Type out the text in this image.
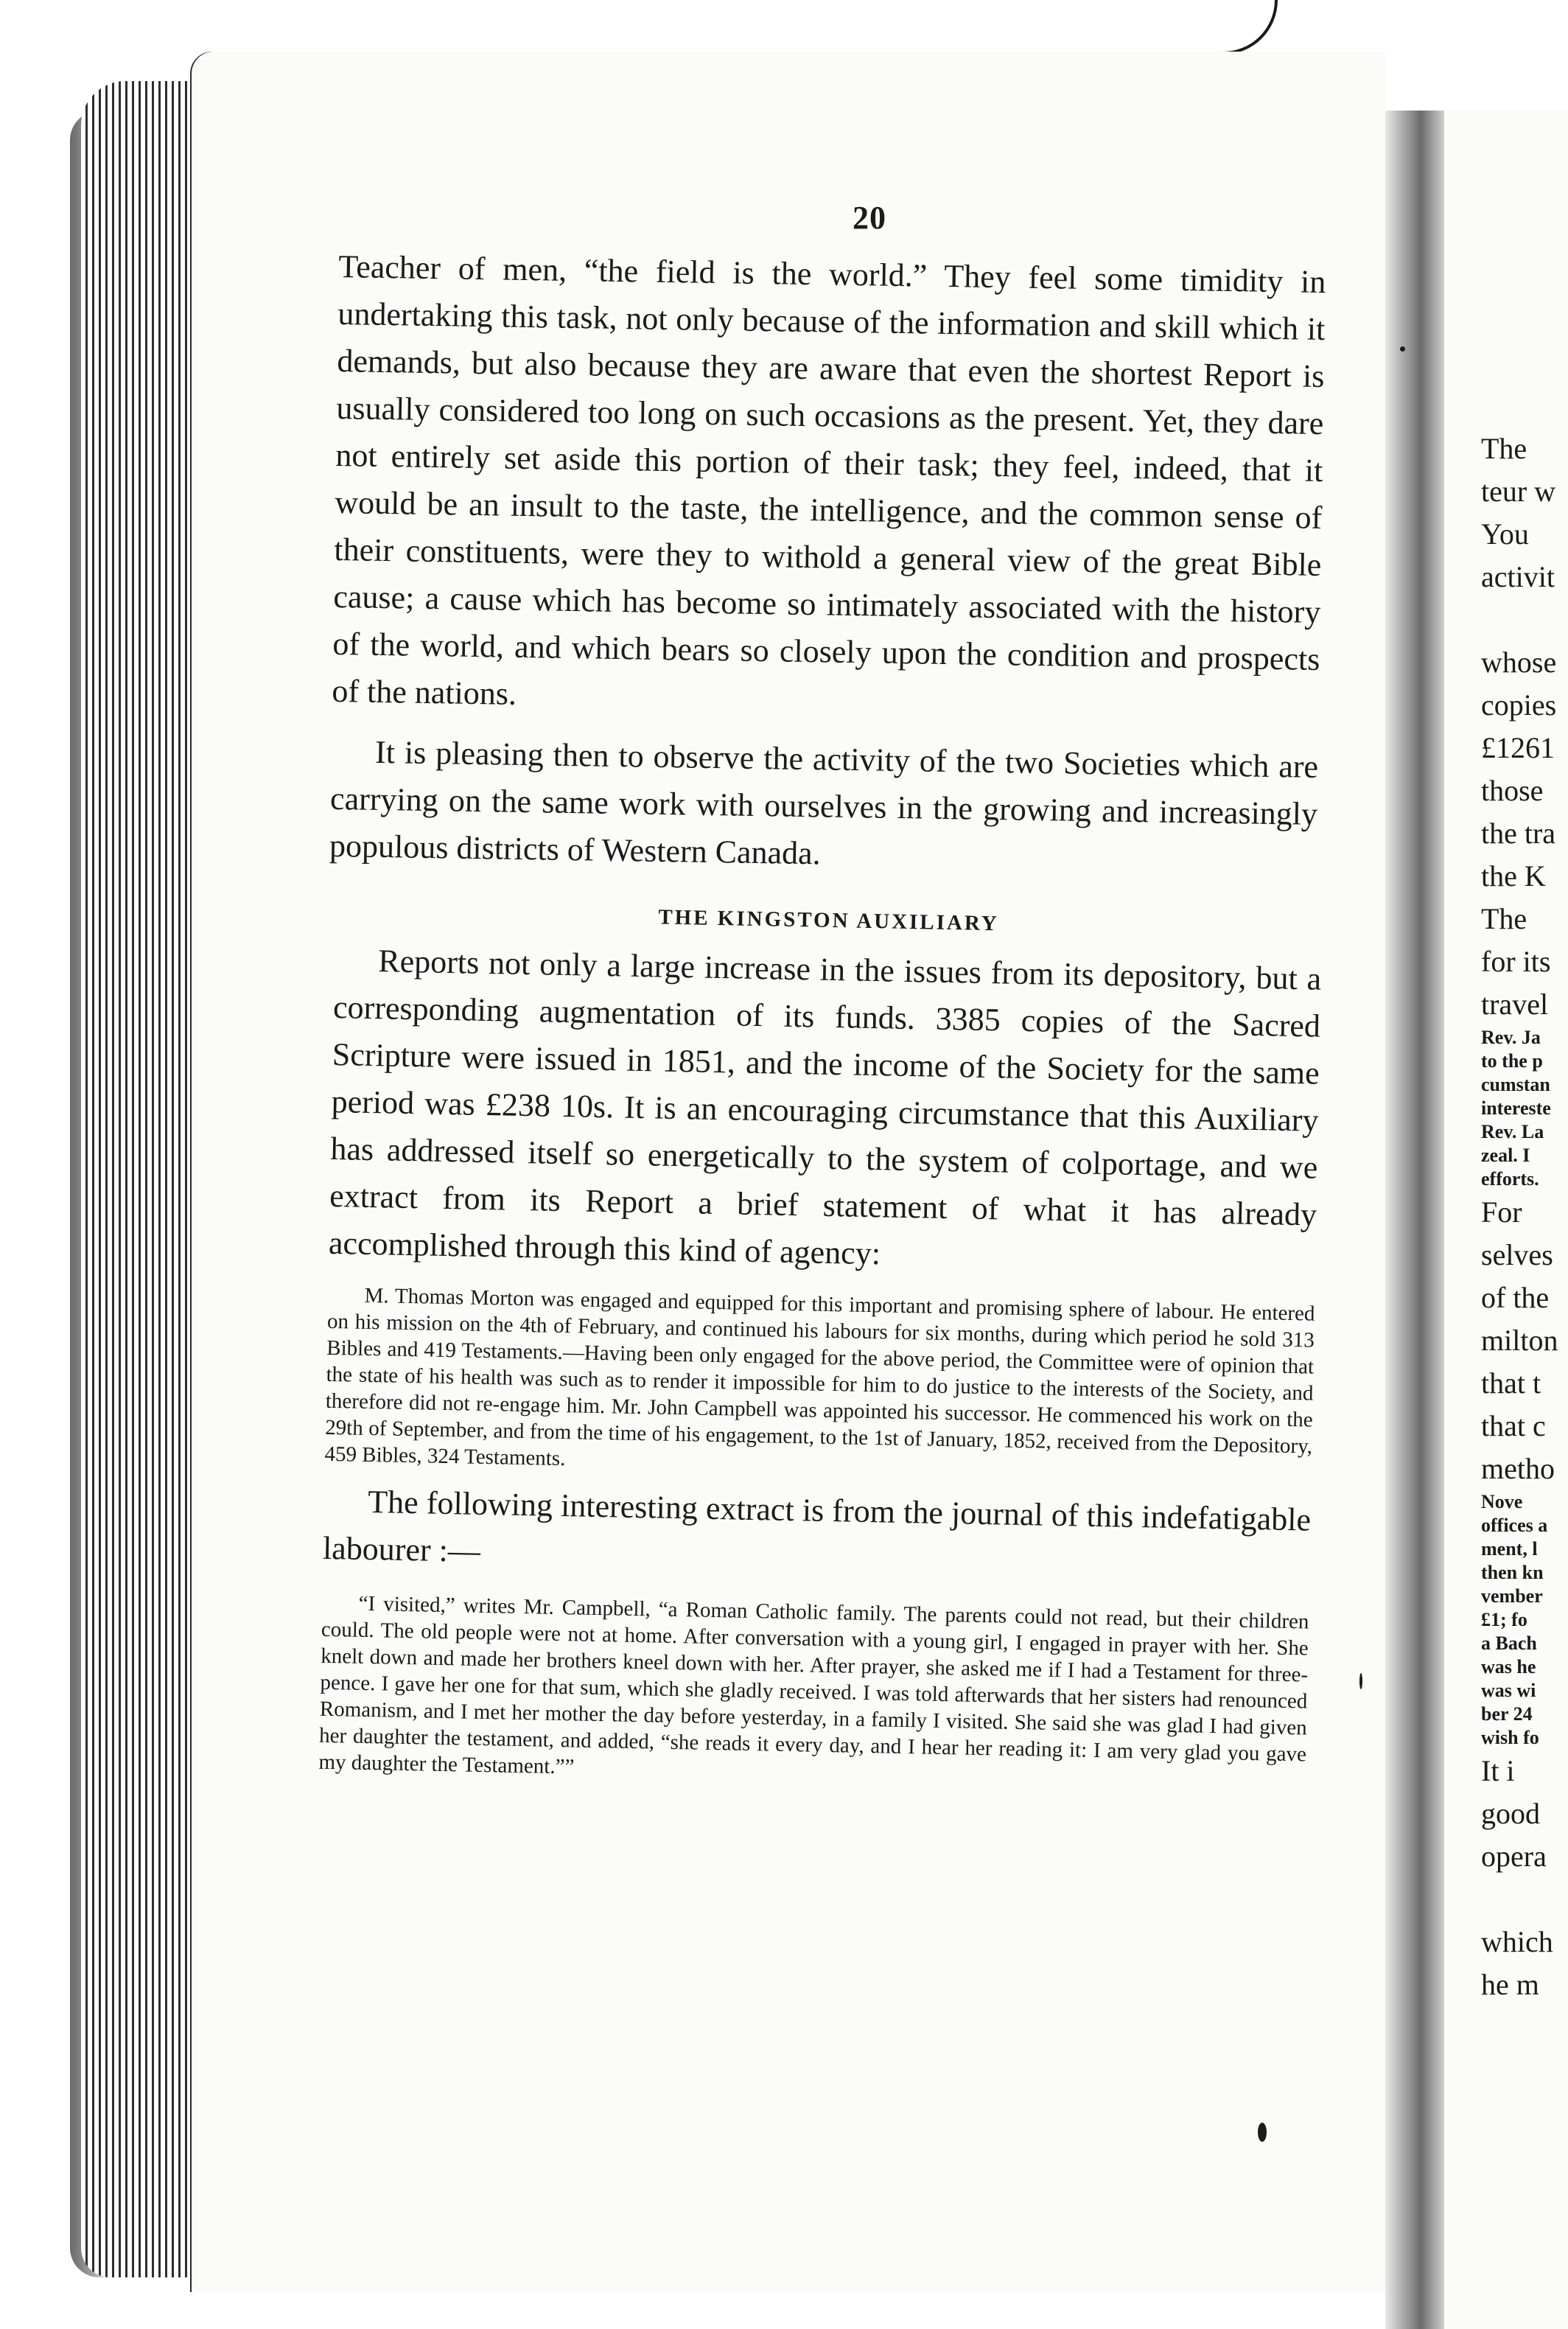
The

teur w

You

activit

whose

copies

£1261

those

the tra

the K

The

for its

travel

Rev. Ja

to the p

cumstan

intereste

Rev. La

zeal. I

efforts.

For

selves

of the

milton

that t

that c

metho

Nove

offices a

ment, l

then kn

vember

£1; fo

a Bach

was he

was wi

ber 24

wish fo

It i

good

opera

which

he m

20

Teacher of men, “the field is the world.” They feel some timidity in undertaking this task, not only because of the information and skill which it demands, but also because they are aware that even the shortest Report is usually considered too long on such occasions as the present. Yet, they dare not entirely set aside this portion of their task; they feel, indeed, that it would be an insult to the taste, the intelligence, and the common sense of their constituents, were they to withold a general view of the great Bible cause; a cause which has become so intimately associated with the history of the world, and which bears so closely upon the condition and prospects of the nations.

It is pleasing then to observe the activity of the two Societies which are carrying on the same work with ourselves in the growing and increasingly populous districts of Western Canada.

THE KINGSTON AUXILIARY

Reports not only a large increase in the issues from its depository, but a corresponding augmentation of its funds. 3385 copies of the Sacred Scripture were issued in 1851, and the income of the Society for the same period was £238 10s. It is an encouraging circumstance that this Auxiliary has addressed itself so energetically to the system of colportage, and we extract from its Report a brief statement of what it has already accomplished through this kind of agency:

M. Thomas Morton was engaged and equipped for this important and promising sphere of labour. He entered on his mission on the 4th of February, and continued his labours for six months, during which period he sold 313 Bibles and 419 Testaments.—Having been only engaged for the above period, the Committee were of opinion that the state of his health was such as to render it impossible for him to do justice to the interests of the Society, and therefore did not re-engage him. Mr. John Campbell was appointed his successor. He commenced his work on the 29th of September, and from the time of his engagement, to the 1st of January, 1852, received from the Depository, 459 Bibles, 324 Testaments.

The following interesting extract is from the journal of this indefatigable labourer :—

“I visited,” writes Mr. Campbell, “a Roman Catholic family. The parents could not read, but their children could. The old people were not at home. After conversation with a young girl, I engaged in prayer with her. She knelt down and made her brothers kneel down with her. After prayer, she asked me if I had a Testament for three-pence. I gave her one for that sum, which she gladly received. I was told afterwards that her sisters had renounced Romanism, and I met her mother the day before yesterday, in a family I visited. She said she was glad I had given her daughter the testament, and added, “she reads it every day, and I hear her reading it: I am very glad you gave my daughter the Testament.””
